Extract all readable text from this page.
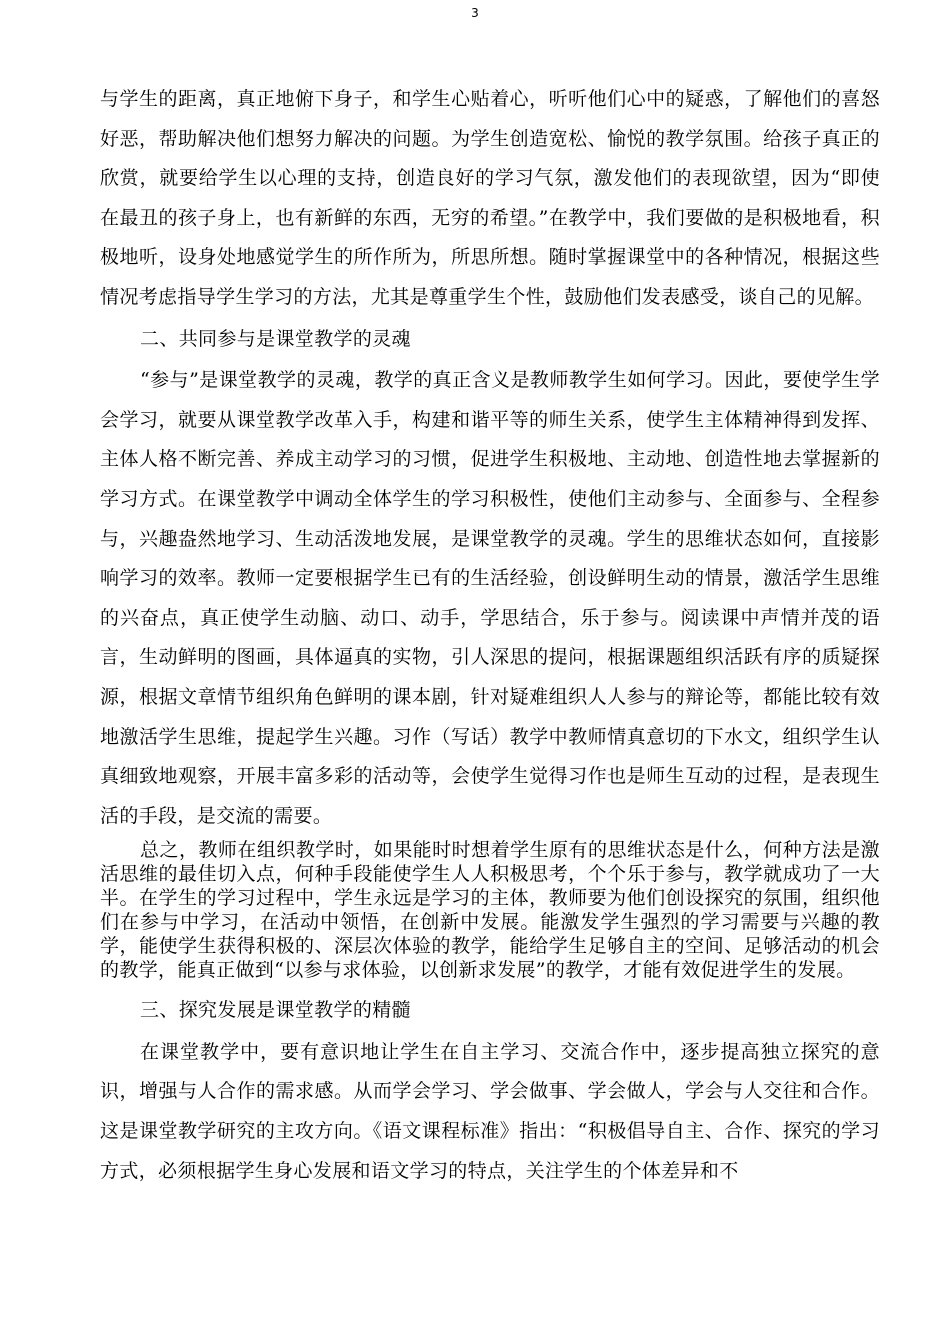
3

与学生的距离，真正地俯下身子，和学生心贴着心，听听他们心中的疑惑，了解他们的喜怒好恶，帮助解决他们想努力解决的问题。为学生创造宽松、愉悦的教学氛围。给孩子真正的欣赏，就要给学生以心理的支持，创造良好的学习气氛，激发他们的表现欲望，因为“即使在最丑的孩子身上，也有新鲜的东西，无穷的希望。”在教学中，我们要做的是积极地看，积极地听，设身处地感觉学生的所作所为，所思所想。随时掌握课堂中的各种情况，根据这些情况考虑指导学生学习的方法，尤其是尊重学生个性，鼓励他们发表感受，谈自己的见解。

二、共同参与是课堂教学的灵魂

“参与”是课堂教学的灵魂，教学的真正含义是教师教学生如何学习。因此，要使学生学会学习，就要从课堂教学改革入手，构建和谐平等的师生关系，使学生主体精神得到发挥、主体人格不断完善、养成主动学习的习惯，促进学生积极地、主动地、创造性地去掌握新的学习方式。在课堂教学中调动全体学生的学习积极性，使他们主动参与、全面参与、全程参与，兴趣盎然地学习、生动活泼地发展，是课堂教学的灵魂。学生的思维状态如何，直接影响学习的效率。教师一定要根据学生已有的生活经验，创设鲜明生动的情景，激活学生思维的兴奋点，真正使学生动脑、动口、动手，学思结合，乐于参与。阅读课中声情并茂的语言，生动鲜明的图画，具体逼真的实物，引人深思的提问，根据课题组织活跃有序的质疑探源，根据文章情节组织角色鲜明的课本剧，针对疑难组织人人参与的辩论等，都能比较有效地激活学生思维，提起学生兴趣。习作（写话）教学中教师情真意切的下水文，组织学生认真细致地观察，开展丰富多彩的活动等，会使学生觉得习作也是师生互动的过程，是表现生活的手段，是交流的需要。

总之，教师在组织教学时，如果能时时想着学生原有的思维状态是什么，何种方法是激活思维的最佳切入点，何种手段能使学生人人积极思考，个个乐于参与，教学就成功了一大半。在学生的学习过程中，学生永远是学习的主体，教师要为他们创设探究的氛围，组织他们在参与中学习，在活动中领悟，在创新中发展。能激发学生强烈的学习需要与兴趣的教学，能使学生获得积极的、深层次体验的教学，能给学生足够自主的空间、足够活动的机会的教学，能真正做到“以参与求体验，以创新求发展”的教学，才能有效促进学生的发展。

三、探究发展是课堂教学的精髓

在课堂教学中，要有意识地让学生在自主学习、交流合作中，逐步提高独立探究的意识，增强与人合作的需求感。从而学会学习、学会做事、学会做人，学会与人交往和合作。这是课堂教学研究的主攻方向。《语文课程标准》指出：“积极倡导自主、合作、探究的学习方式，必须根据学生身心发展和语文学习的特点，关注学生的个体差异和不
